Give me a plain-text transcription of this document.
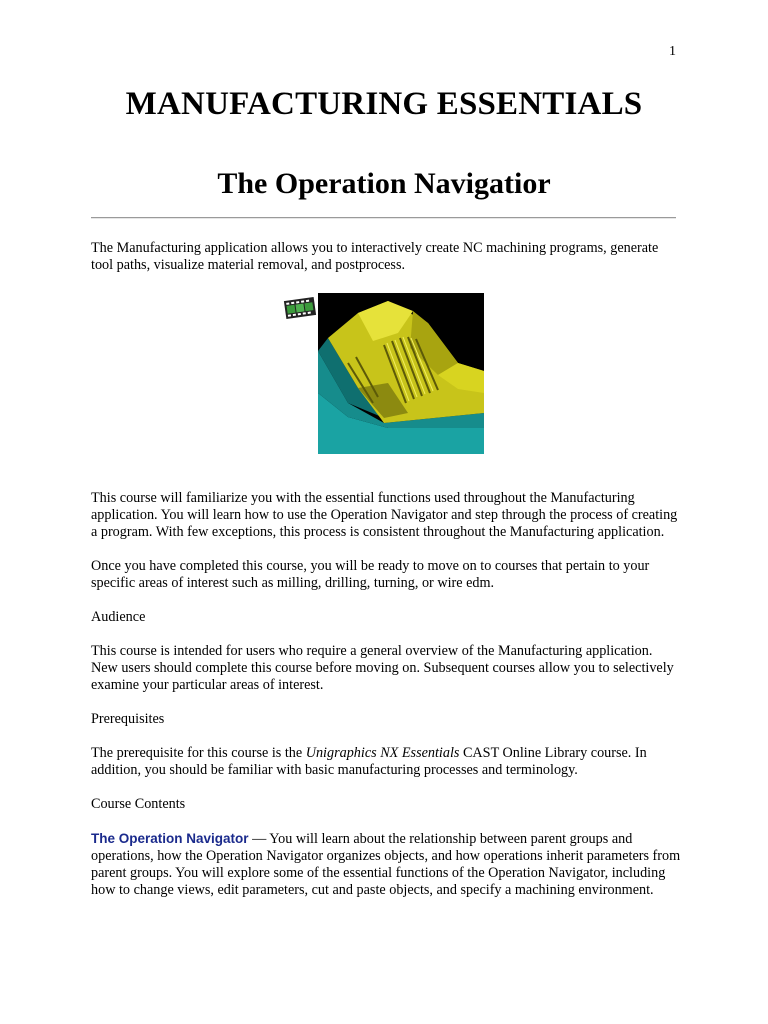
1
MANUFACTURING ESSENTIALS
The Operation Navigatior

The Manufacturing application allows you to interactively create NC machining programs, generate tool paths, visualize material removal, and postprocess.

This course will familiarize you with the essential functions used throughout the Manufacturing application. You will learn how to use the Operation Navigator and step through the process of creating a program. With few exceptions, this process is consistent throughout the Manufacturing application.

Once you have completed this course, you will be ready to move on to courses that pertain to your specific areas of interest such as milling, drilling, turning, or wire edm.

Audience

This course is intended for users who require a general overview of the Manufacturing application. New users should complete this course before moving on. Subsequent courses allow you to selectively examine your particular areas of interest.

Prerequisites

The prerequisite for this course is the Unigraphics NX Essentials CAST Online Library course. In addition, you should be familiar with basic manufacturing processes and terminology.

Course Contents

The Operation Navigator — You will learn about the relationship between parent groups and operations, how the Operation Navigator organizes objects, and how operations inherit parameters from parent groups. You will explore some of the essential functions of the Operation Navigator, including how to change views, edit parameters, cut and paste objects, and specify a machining environment.
